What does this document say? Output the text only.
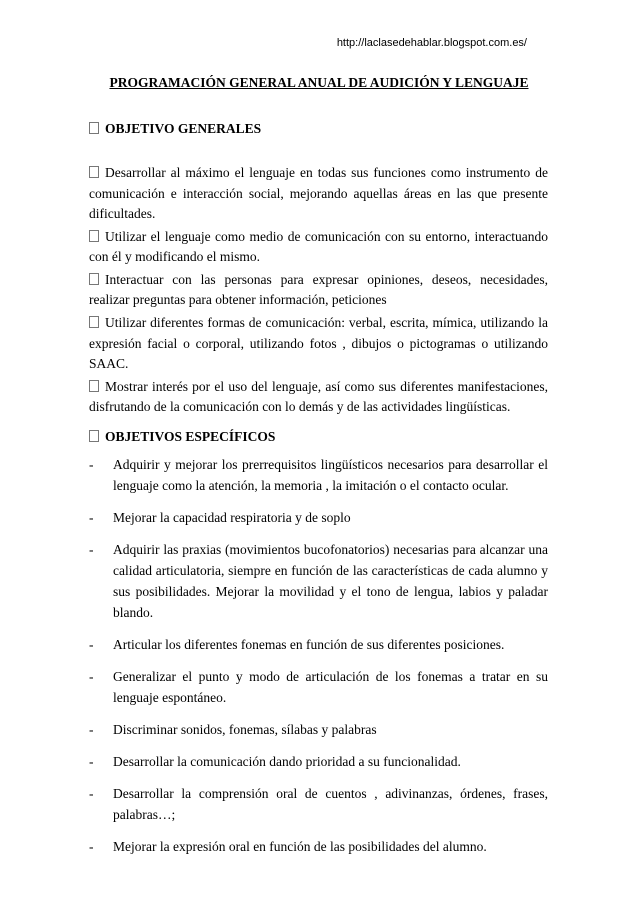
http://laclasedehablar.blogspot.com.es/
PROGRAMACIÓN GENERAL ANUAL DE AUDICIÓN Y LENGUAJE
OBJETIVO GENERALES

Desarrollar al máximo el lenguaje en todas sus funciones como instrumento de comunicación e interacción social, mejorando aquellas áreas en las que presente dificultades.

Utilizar el lenguaje como medio de comunicación con su entorno, interactuando con él y modificando el mismo.

Interactuar con las personas para expresar opiniones, deseos, necesidades, realizar preguntas para obtener información, peticiones

Utilizar diferentes formas de comunicación: verbal, escrita, mímica, utilizando la expresión facial o corporal, utilizando fotos , dibujos o pictogramas o utilizando SAAC.

Mostrar interés por el uso del lenguaje, así como sus diferentes manifestaciones, disfrutando de la comunicación con lo demás y de las actividades lingüísticas.

OBJETIVOS ESPECÍFICOS
- Adquirir y mejorar los prerrequisitos lingüísticos necesarios para desarrollar el lenguaje como la atención, la memoria , la imitación o el contacto ocular.
- Mejorar la capacidad respiratoria y de soplo
- Adquirir las praxias (movimientos bucofonatorios) necesarias para alcanzar una calidad articulatoria, siempre en función de las características de cada alumno y sus posibilidades. Mejorar la movilidad y el tono de lengua, labios y paladar blando.
- Articular los diferentes fonemas en función de sus diferentes posiciones.
- Generalizar el punto y modo de articulación de los fonemas a tratar en su lenguaje espontáneo.
- Discriminar sonidos, fonemas, sílabas y palabras
- Desarrollar la comunicación dando prioridad a su funcionalidad.
- Desarrollar la comprensión oral de cuentos , adivinanzas, órdenes, frases, palabras…;
- Mejorar la expresión oral en función de las posibilidades del alumno.
